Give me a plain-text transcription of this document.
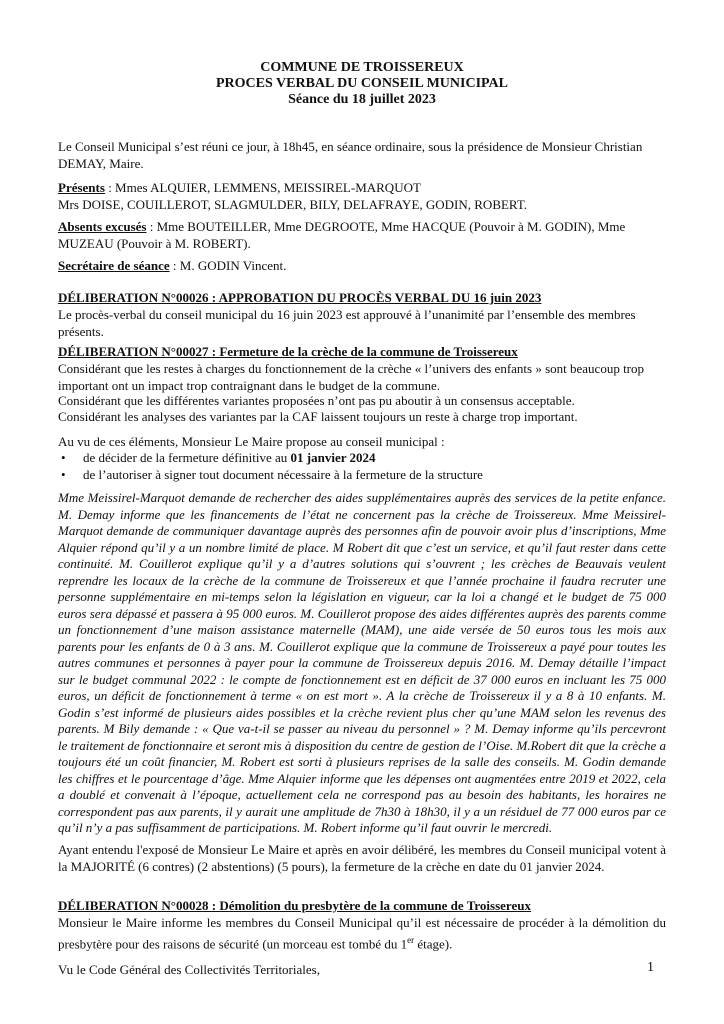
COMMUNE DE TROISSEREUX
PROCES VERBAL DU CONSEIL MUNICIPAL
Séance du 18 juillet 2023

Le Conseil Municipal s’est réuni ce jour, à 18h45, en séance ordinaire, sous la présidence de Monsieur Christian DEMAY, Maire.

Présents : Mmes ALQUIER, LEMMENS, MEISSIREL-MARQUOT
Mrs DOISE, COUILLEROT, SLAGMULDER, BILY, DELAFRAYE, GODIN, ROBERT.
Absents excusés : Mme BOUTEILLER, Mme DEGROOTE, Mme HACQUE (Pouvoir à M. GODIN), Mme MUZEAU (Pouvoir à M. ROBERT).
Secrétaire de séance : M. GODIN Vincent.
DÉLIBERATION N°00026 : APPROBATION DU PROCÈS VERBAL DU 16 juin 2023

Le procès-verbal du conseil municipal du 16 juin 2023 est approuvé à l’unanimité par l’ensemble des membres présents.

DÉLIBERATION N°00027 : Fermeture de la crèche de la commune de Troissereux

Considérant que les restes à charges du fonctionnement de la crèche « l’univers des enfants » sont beaucoup trop important ont un impact trop contraignant dans le budget de la commune.

Considérant que les différentes variantes proposées n’ont pas pu aboutir à un consensus acceptable.

Considérant les analyses des variantes par la CAF laissent toujours un reste à charge trop important.

Au vu de ces éléments, Monsieur Le Maire propose au conseil municipal :

• de décider de la fermeture définitive au 01 janvier 2024
• de l’autoriser à signer tout document nécessaire à la fermeture de la structure

Mme Meissirel-Marquot demande de rechercher des aides supplémentaires auprès des services de la petite enfance. M. Demay informe que les financements de l’état ne concernent pas la crèche de Troissereux. Mme Meissirel-Marquot demande de communiquer davantage auprès des personnes afin de pouvoir avoir plus d’inscriptions, Mme Alquier répond qu’il y a un nombre limité de place. M Robert dit que c’est un service, et qu’il faut rester dans cette continuité. M. Couillerot explique qu’il y a d’autres solutions qui s’ouvrent ; les crèches de Beauvais veulent reprendre les locaux de la crèche de la commune de Troissereux et que l’année prochaine il faudra recruter une personne supplémentaire en mi-temps selon la législation en vigueur, car la loi a changé et le budget de 75 000 euros sera dépassé et passera à 95 000 euros. M. Couillerot propose des aides différentes auprès des parents comme un fonctionnement d’une maison assistance maternelle (MAM), une aide versée de 50 euros tous les mois aux parents pour les enfants de 0 à 3 ans. M. Couillerot explique que la commune de Troissereux a payé pour toutes les autres communes et personnes à payer pour la commune de Troissereux depuis 2016. M. Demay détaille l’impact sur le budget communal 2022 : le compte de fonctionnement est en déficit de 37 000 euros en incluant les 75 000 euros, un déficit de fonctionnement à terme « on est mort ». A la crèche de Troissereux il y a 8 à 10 enfants. M. Godin s’est informé de plusieurs aides possibles et la crèche revient plus cher qu’une MAM selon les revenus des parents. M Bily demande : « Que va-t-il se passer au niveau du personnel » ? M. Demay informe qu’ils percevront le traitement de fonctionnaire et seront mis à disposition du centre de gestion de l’Oise. M.Robert dit que la crèche a toujours été un coût financier, M. Robert est sorti à plusieurs reprises de la salle des conseils. M. Godin demande les chiffres et le pourcentage d’âge. Mme Alquier informe que les dépenses ont augmentées entre 2019 et 2022, cela a doublé et convenait à l’époque, actuellement cela ne correspond pas au besoin des habitants, les horaires ne correspondent pas aux parents, il y aurait une amplitude de 7h30 à 18h30, il y a un résiduel de 77 000 euros par ce qu’il n’y a pas suffisamment de participations. M. Robert informe qu’il faut ouvrir le mercredi.

Ayant entendu l'exposé de Monsieur Le Maire et après en avoir délibéré, les membres du Conseil municipal votent à la MAJORITÉ (6 contres) (2 abstentions) (5 pours), la fermeture de la crèche en date du 01 janvier 2024.

DÉLIBERATION N°00028 : Démolition du presbytère de la commune de Troissereux

Monsieur le Maire informe les membres du Conseil Municipal qu’il est nécessaire de procéder à la démolition du presbytère pour des raisons de sécurité (un morceau est tombé du 1er étage).

Vu le Code Général des Collectivités Territoriales,	1
